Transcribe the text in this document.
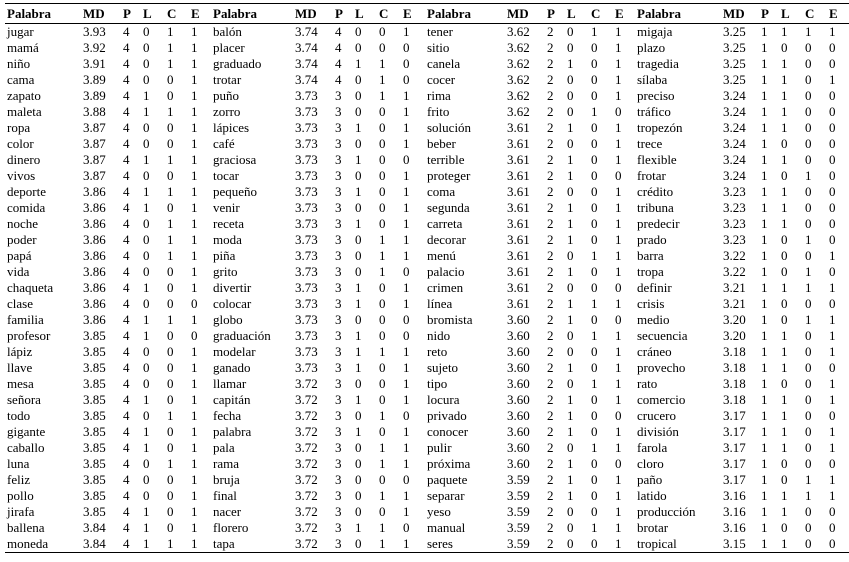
Palabra	MD	P	L	C	E	Palabra	MD	P	L	C	E	Palabra	MD	P	L	C	E	Palabra	MD	P	L	C	E
jugar	3.93	4	0	1	1	balón	3.74	4	0	0	1	tener	3.62	2	0	1	1	migaja	3.25	1	1	1	1
mamá	3.92	4	0	1	1	placer	3.74	4	0	0	0	sitio	3.62	2	0	0	1	plazo	3.25	1	0	0	0
niño	3.91	4	0	1	1	graduado	3.74	4	1	1	0	canela	3.62	2	1	0	1	tragedia	3.25	1	1	0	0
cama	3.89	4	0	0	1	trotar	3.74	4	0	1	0	cocer	3.62	2	0	0	1	sílaba	3.25	1	1	0	1
zapato	3.89	4	1	0	1	puño	3.73	3	0	1	1	rima	3.62	2	0	0	1	preciso	3.24	1	1	0	0
maleta	3.88	4	1	1	1	zorro	3.73	3	0	0	1	frito	3.62	2	0	1	0	tráfico	3.24	1	1	0	0
ropa	3.87	4	0	0	1	lápices	3.73	3	1	0	1	solución	3.61	2	1	0	1	tropezón	3.24	1	1	0	0
color	3.87	4	0	0	1	café	3.73	3	0	0	1	beber	3.61	2	0	0	1	trece	3.24	1	0	0	0
dinero	3.87	4	1	1	1	graciosa	3.73	3	1	0	0	terrible	3.61	2	1	0	1	flexible	3.24	1	1	0	0
vivos	3.87	4	0	0	1	tocar	3.73	3	0	0	1	proteger	3.61	2	1	0	0	frotar	3.24	1	0	1	0
deporte	3.86	4	1	1	1	pequeño	3.73	3	1	0	1	coma	3.61	2	0	0	1	crédito	3.23	1	1	0	0
comida	3.86	4	1	0	1	venir	3.73	3	0	0	1	segunda	3.61	2	1	0	1	tribuna	3.23	1	1	0	0
noche	3.86	4	0	1	1	receta	3.73	3	1	0	1	carreta	3.61	2	1	0	1	predecir	3.23	1	1	0	0
poder	3.86	4	0	1	1	moda	3.73	3	0	1	1	decorar	3.61	2	1	0	1	prado	3.23	1	0	1	0
papá	3.86	4	0	1	1	piña	3.73	3	0	1	1	menú	3.61	2	0	1	1	barra	3.22	1	0	0	1
vida	3.86	4	0	0	1	grito	3.73	3	0	1	0	palacio	3.61	2	1	0	1	tropa	3.22	1	0	1	0
chaqueta	3.86	4	1	0	1	divertir	3.73	3	1	0	1	crimen	3.61	2	0	0	0	definir	3.21	1	1	1	1
clase	3.86	4	0	0	0	colocar	3.73	3	1	0	1	línea	3.61	2	1	1	1	crisis	3.21	1	0	0	0
familia	3.86	4	1	1	1	globo	3.73	3	0	0	0	bromista	3.60	2	1	0	0	medio	3.20	1	0	1	1
profesor	3.85	4	1	0	0	graduación	3.73	3	1	0	0	nido	3.60	2	0	1	1	secuencia	3.20	1	1	0	1
lápiz	3.85	4	0	0	1	modelar	3.73	3	1	1	1	reto	3.60	2	0	0	1	cráneo	3.18	1	1	0	1
llave	3.85	4	0	0	1	ganado	3.73	3	1	0	1	sujeto	3.60	2	1	0	1	provecho	3.18	1	1	0	0
mesa	3.85	4	0	0	1	llamar	3.72	3	0	0	1	tipo	3.60	2	0	1	1	rato	3.18	1	0	0	1
señora	3.85	4	1	0	1	capitán	3.72	3	1	0	1	locura	3.60	2	1	0	1	comercio	3.18	1	1	0	1
todo	3.85	4	0	1	1	fecha	3.72	3	0	1	0	privado	3.60	2	1	0	0	crucero	3.17	1	1	0	0
gigante	3.85	4	1	0	1	palabra	3.72	3	1	0	1	conocer	3.60	2	1	0	1	división	3.17	1	1	0	1
caballo	3.85	4	1	0	1	pala	3.72	3	0	1	1	pulir	3.60	2	0	1	1	farola	3.17	1	1	0	1
luna	3.85	4	0	1	1	rama	3.72	3	0	1	1	próxima	3.60	2	1	0	0	cloro	3.17	1	0	0	0
feliz	3.85	4	0	0	1	bruja	3.72	3	0	0	0	paquete	3.59	2	1	0	1	paño	3.17	1	0	1	1
pollo	3.85	4	0	0	1	final	3.72	3	0	1	1	separar	3.59	2	1	0	1	latido	3.16	1	1	1	1
jirafa	3.85	4	1	0	1	nacer	3.72	3	0	0	1	yeso	3.59	2	0	0	1	producción	3.16	1	1	0	0
ballena	3.84	4	1	0	1	florero	3.72	3	1	1	0	manual	3.59	2	0	1	1	brotar	3.16	1	0	0	0
moneda	3.84	4	1	1	1	tapa	3.72	3	0	1	1	seres	3.59	2	0	0	1	tropical	3.15	1	1	0	0
